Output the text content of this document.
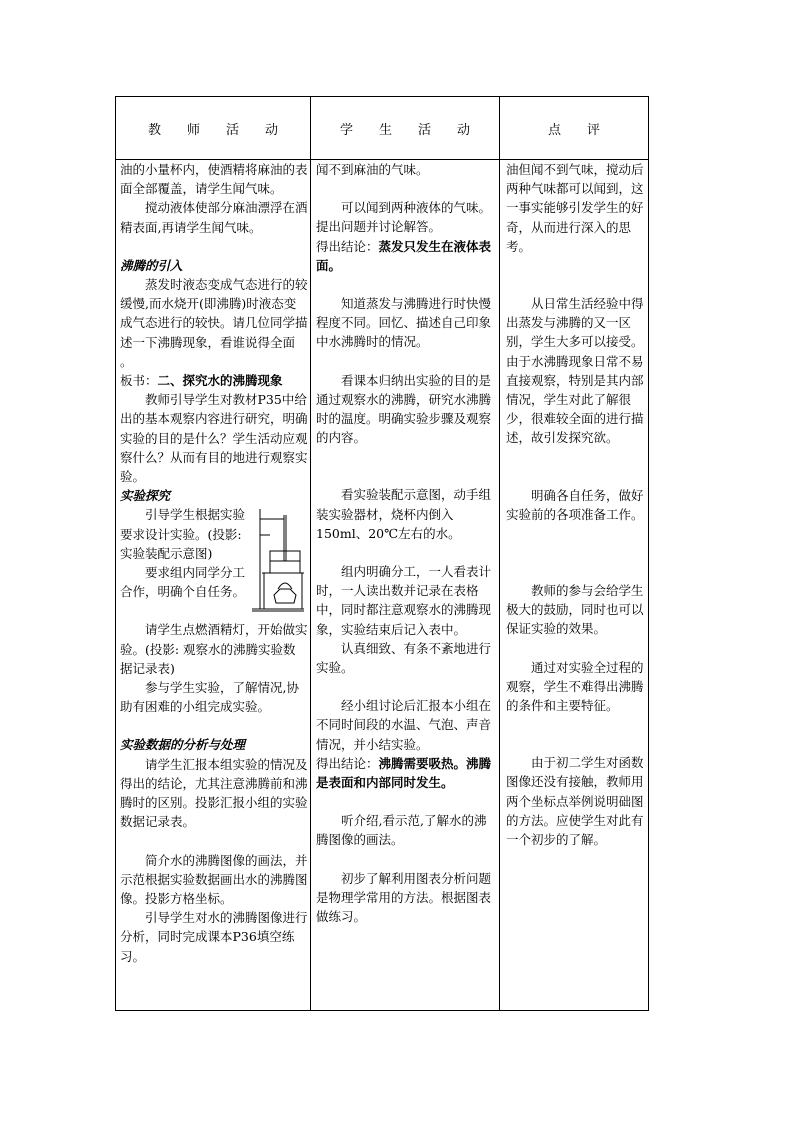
教　　师　　活　　动	学　　生　　活　　动	点　　评

油的小量杯内，使酒精将麻油的表面全部覆盖，请学生闻气味。

搅动液体使部分麻油漂浮在酒精表面,再请学生闻气味。

沸腾的引入

蒸发时液态变成气态进行的较缓慢,而水烧开(即沸腾)时液态变成气态进行的较快。请几位同学描述一下沸腾现象，看谁说得全面 。

板书：二、探究水的沸腾现象

教师引导学生对教材P35中给出的基本观察内容进行研究，明确实验的目的是什么？学生活动应观察什么？从而有目的地进行观察实验。

实验探究

引导学生根据实验要求设计实验。(投影: 实验装配示意图)

要求组内同学分工合作，明确个自任务。

请学生点燃酒精灯，开始做实验。(投影: 观察水的沸腾实验数据记录表)

参与学生实验，了解情况,协助有困难的小组完成实验。

实验数据的分析与处理

请学生汇报本组实验的情况及得出的结论，尤其注意沸腾前和沸腾时的区别。投影汇报小组的实验数据记录表。

简介水的沸腾图像的画法，并示范根据实验数据画出水的沸腾图像。投影方格坐标。

引导学生对水的沸腾图像进行分析，同时完成课本P36填空练习。

闻不到麻油的气味。

可以闻到两种液体的气味。提出问题并讨论解答。

得出结论：蒸发只发生在液体表面。

知道蒸发与沸腾进行时快慢程度不同。回忆、描述自己印象中水沸腾时的情况。

看课本归纳出实验的目的是通过观察水的沸腾，研究水沸腾时的温度。明确实验步骤及观察的内容。

看实验装配示意图，动手组装实验器材，烧杯内倒入 150ml、20℃左右的水。

组内明确分工，一人看表计时，一人读出数并记录在表格中，同时都注意观察水的沸腾现象，实验结束后记入表中。

认真细致、有条不紊地进行实验。

经小组讨论后汇报本小组在不同时间段的水温、气泡、声音情况，并小结实验。

得出结论：沸腾需要吸热。沸腾是表面和内部同时发生。

听介绍,看示范,了解水的沸腾图像的画法。

初步了解利用图表分析问题是物理学常用的方法。根据图表做练习。

油但闻不到气味，搅动后两种气味都可以闻到，这一事实能够引发学生的好奇，从而进行深入的思考。

从日常生活经验中得出蒸发与沸腾的又一区别，学生大多可以接受。由于水沸腾现象日常不易直接观察，特别是其内部情况，学生对此了解很少，很难较全面的进行描述，故引发探究欲。

明确各自任务，做好实验前的各项准备工作。

教师的参与会给学生极大的鼓励，同时也可以保证实验的效果。

通过对实验全过程的观察，学生不难得出沸腾的条件和主要特征。

由于初二学生对函数图像还没有接触，教师用两个坐标点举例说明础图的方法。应使学生对此有一个初步的了解。
